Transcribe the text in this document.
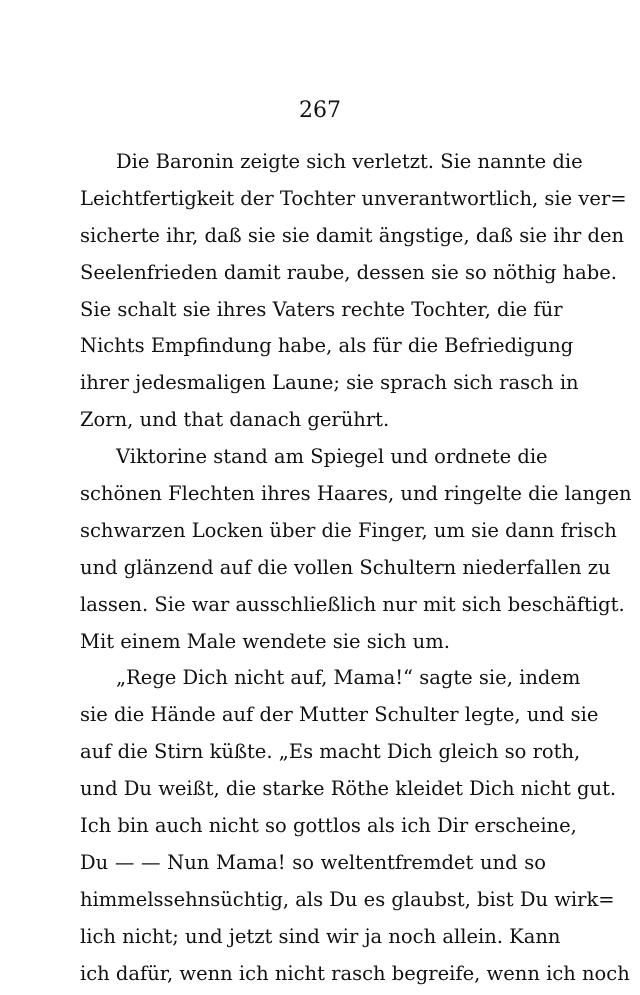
267
Die Baronin zeigte sich verletzt. Sie nannte die
Leichtfertigkeit der Tochter unverantwortlich, sie ver=
sicherte ihr, daß sie sie damit ängstige, daß sie ihr den
Seelenfrieden damit raube, dessen sie so nöthig habe.
Sie schalt sie ihres Vaters rechte Tochter, die für
Nichts Empfindung habe, als für die Befriedigung
ihrer jedesmaligen Laune; sie sprach sich rasch in
Zorn, und that danach gerührt.
Viktorine stand am Spiegel und ordnete die
schönen Flechten ihres Haares, und ringelte die langen
schwarzen Locken über die Finger, um sie dann frisch
und glänzend auf die vollen Schultern niederfallen zu
lassen. Sie war ausschließlich nur mit sich beschäftigt.
Mit einem Male wendete sie sich um.
„Rege Dich nicht auf, Mama!“ sagte sie, indem
sie die Hände auf der Mutter Schulter legte, und sie
auf die Stirn küßte. „Es macht Dich gleich so roth,
und Du weißt, die starke Röthe kleidet Dich nicht gut.
Ich bin auch nicht so gottlos als ich Dir erscheine,
Du — — Nun Mama! so weltentfremdet und so
himmelssehnsüchtig, als Du es glaubst, bist Du wirk=
lich nicht; und jetzt sind wir ja noch allein. Kann
ich dafür, wenn ich nicht rasch begreife, wenn ich noch
